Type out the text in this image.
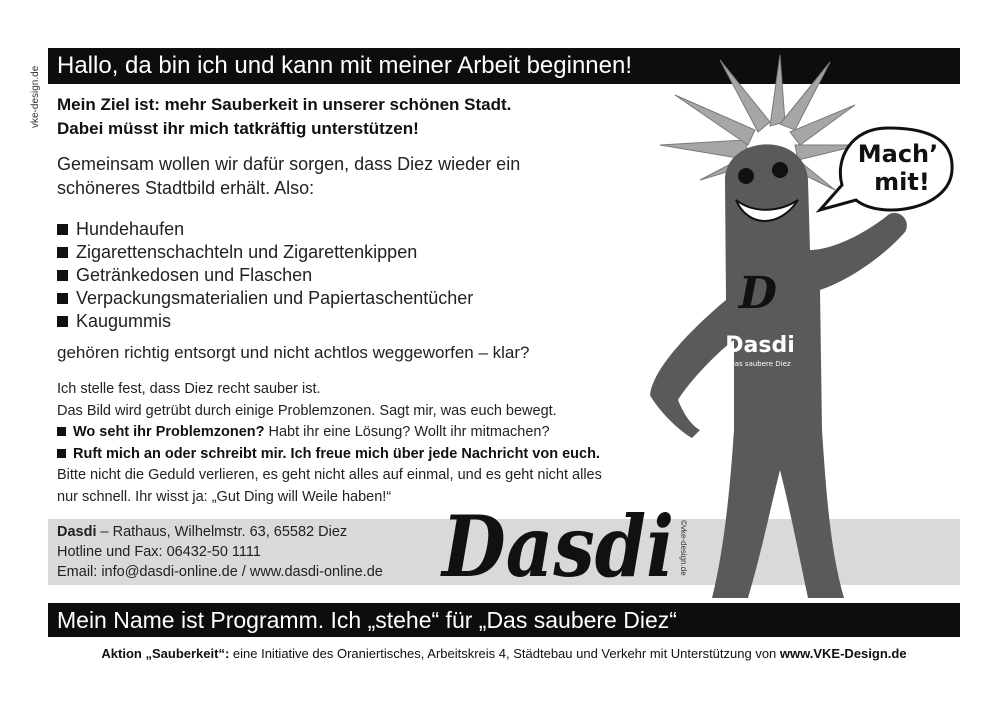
vke-design.de
Hallo, da bin ich und kann mit meiner Arbeit beginnen!
Mein Ziel ist: mehr Sauberkeit in unserer schönen Stadt.
Dabei müsst ihr mich tatkräftig unterstützen!
Gemeinsam wollen wir dafür sorgen, dass Diez wieder ein
schöneres Stadtbild erhält. Also:
Hundehaufen
Zigarettenschachteln und Zigarettenkippen
Getränkedosen und Flaschen
Verpackungsmaterialien und Papiertaschentücher
Kaugummis
gehören richtig entsorgt und nicht achtlos weggeworfen – klar?
Ich stelle fest, dass Diez recht sauber ist.
Das Bild wird getrübt durch einige Problemzonen. Sagt mir, was euch bewegt.
Wo seht ihr Problemzonen? Habt ihr eine Lösung? Wollt ihr mitmachen?
Ruft mich an oder schreibt mir. Ich freue mich über jede Nachricht von euch.
Bitte nicht die Geduld verlieren, es geht nicht alles auf einmal, und es geht nicht alles
nur schnell. Ihr wisst ja: „Gut Ding will Weile haben!“
Dasdi – Rathaus, Wilhelmstr. 63, 65582 Diez
Hotline und Fax: 06432-50 1111
Email: info@dasdi-online.de / www.dasdi-online.de Dasdi ©vke-design.de
D
Dasdi
Das saubere Diez
Mach’
mit!
Mein Name ist Programm. Ich „stehe“ für „Das saubere Diez“
Aktion „Sauberkeit“: eine Initiative des Oraniertisches, Arbeitskreis 4, Städtebau und Verkehr mit Unterstützung von www.VKE-Design.de
